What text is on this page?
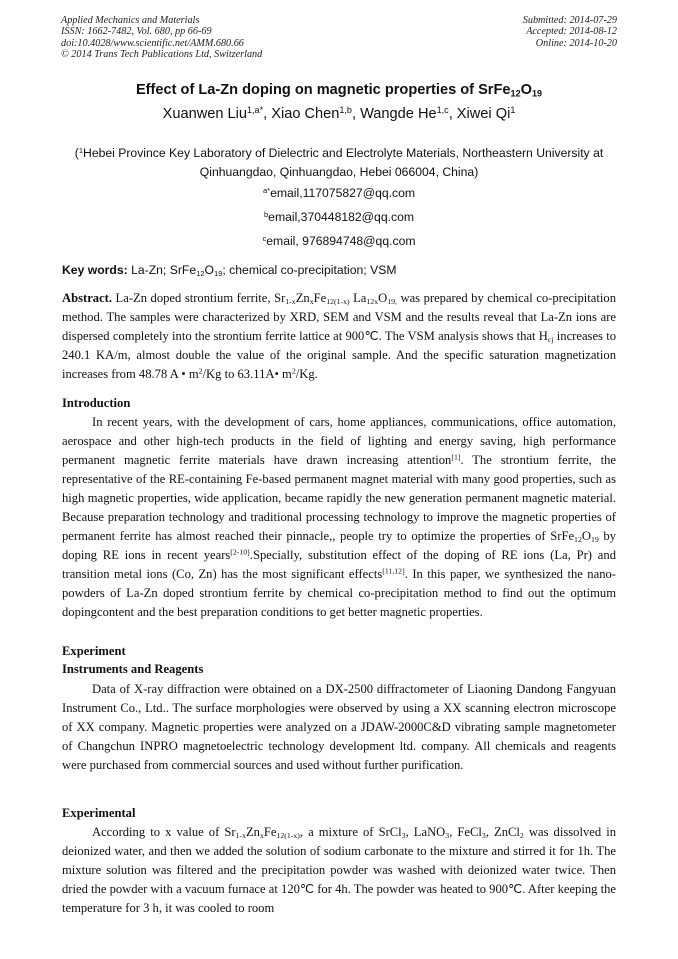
Applied Mechanics and Materials
ISSN: 1662-7482, Vol. 680, pp 66-69
doi:10.4028/www.scientific.net/AMM.680.66
© 2014 Trans Tech Publications Ltd, Switzerland
Submitted: 2014-07-29
Accepted: 2014-08-12
Online: 2014-10-20
Effect of La-Zn doping on magnetic properties of $SrFe_{12}O_{19}$
Xuanwen Liu$^{1,a*}$, Xiao Chen$^{1,b}$, Wangde He$^{1,c}$, Xiwei Qi$^1$
($^1$Hebei Province Key Laboratory of Dielectric and Electrolyte Materials, Northeastern University at Qinhuangdao, Qinhuangdao, Hebei 066004, China)
$^{a*}$email,117075827@qq.com
$^b$email,370448182@qq.com
$^c$email, 976894748@qq.com
Key words: La-Zn; $SrFe_{12}O_{19}$; chemical co-precipitation; VSM
Abstract. La-Zn doped strontium ferrite, $Sr_{1-x}Zn_xFe_{12(1-x)}$ $La_{12x}O_{19,}$ was prepared by chemical co-precipitation method. The samples were characterized by XRD, SEM and VSM and the results reveal that La-Zn ions are dispersed completely into the strontium ferrite lattice at 900℃. The VSM analysis shows that $H_{cj}$ increases to 240.1 KA/m, almost double the value of the original sample. And the specific saturation magnetization increases from 48.78 A • $m^2/Kg$ to 63.11A• $m^2/Kg$.
Introduction
In recent years, with the development of cars, home appliances, communications, office automation, aerospace and other high-tech products in the field of lighting and energy saving, high performance permanent magnetic ferrite materials have drawn increasing attention[1]. The strontium ferrite, the representative of the RE-containing Fe-based permanent magnet material with many good properties, such as high magnetic properties, wide application, became rapidly the new generation permanent magnetic material. Because preparation technology and traditional processing technology to improve the magnetic properties of permanent ferrite has almost reached their pinnacle,, people try to optimize the properties of $SrFe_{12}O_{19}$ by doping RE ions in recent years[2-10].Specially, substitution effect of the doping of RE ions (La, Pr) and transition metal ions (Co, Zn) has the most significant effects[11,12]. In this paper, we synthesized the nano-powders of La-Zn doped strontium ferrite by chemical co-precipitation method to find out the optimum dopingcontent and the best preparation conditions to get better magnetic properties.
Experiment
Instruments and Reagents
Data of X-ray diffraction were obtained on a DX-2500 diffractometer of Liaoning Dandong Fangyuan Instrument Co., Ltd.. The surface morphologies were observed by using a XX scanning electron microscope of XX company. Magnetic properties were analyzed on a JDAW-2000C&D vibrating sample magnetometer of Changchun INPRO magnetoelectric technology development ltd. company. All chemicals and reagents were purchased from commercial sources and used without further purification.
Experimental
According to x value of $Sr_{1-x}Zn_xFe_{12(1-x)}$, a mixture of SrCl$_3$, LaNO$_3$, FeCl$_3$, ZnCl$_2$ was dissolved in deionized water, and then we added the solution of sodium carbonate to the mixture and stirred it for 1h. The mixture solution was filtered and the precipitation powder was washed with deionized water twice. Then dried the powder with a vacuum furnace at 120℃ for 4h. The powder was heated to 900℃. After keeping the temperature for 3 h, it was cooled to room
